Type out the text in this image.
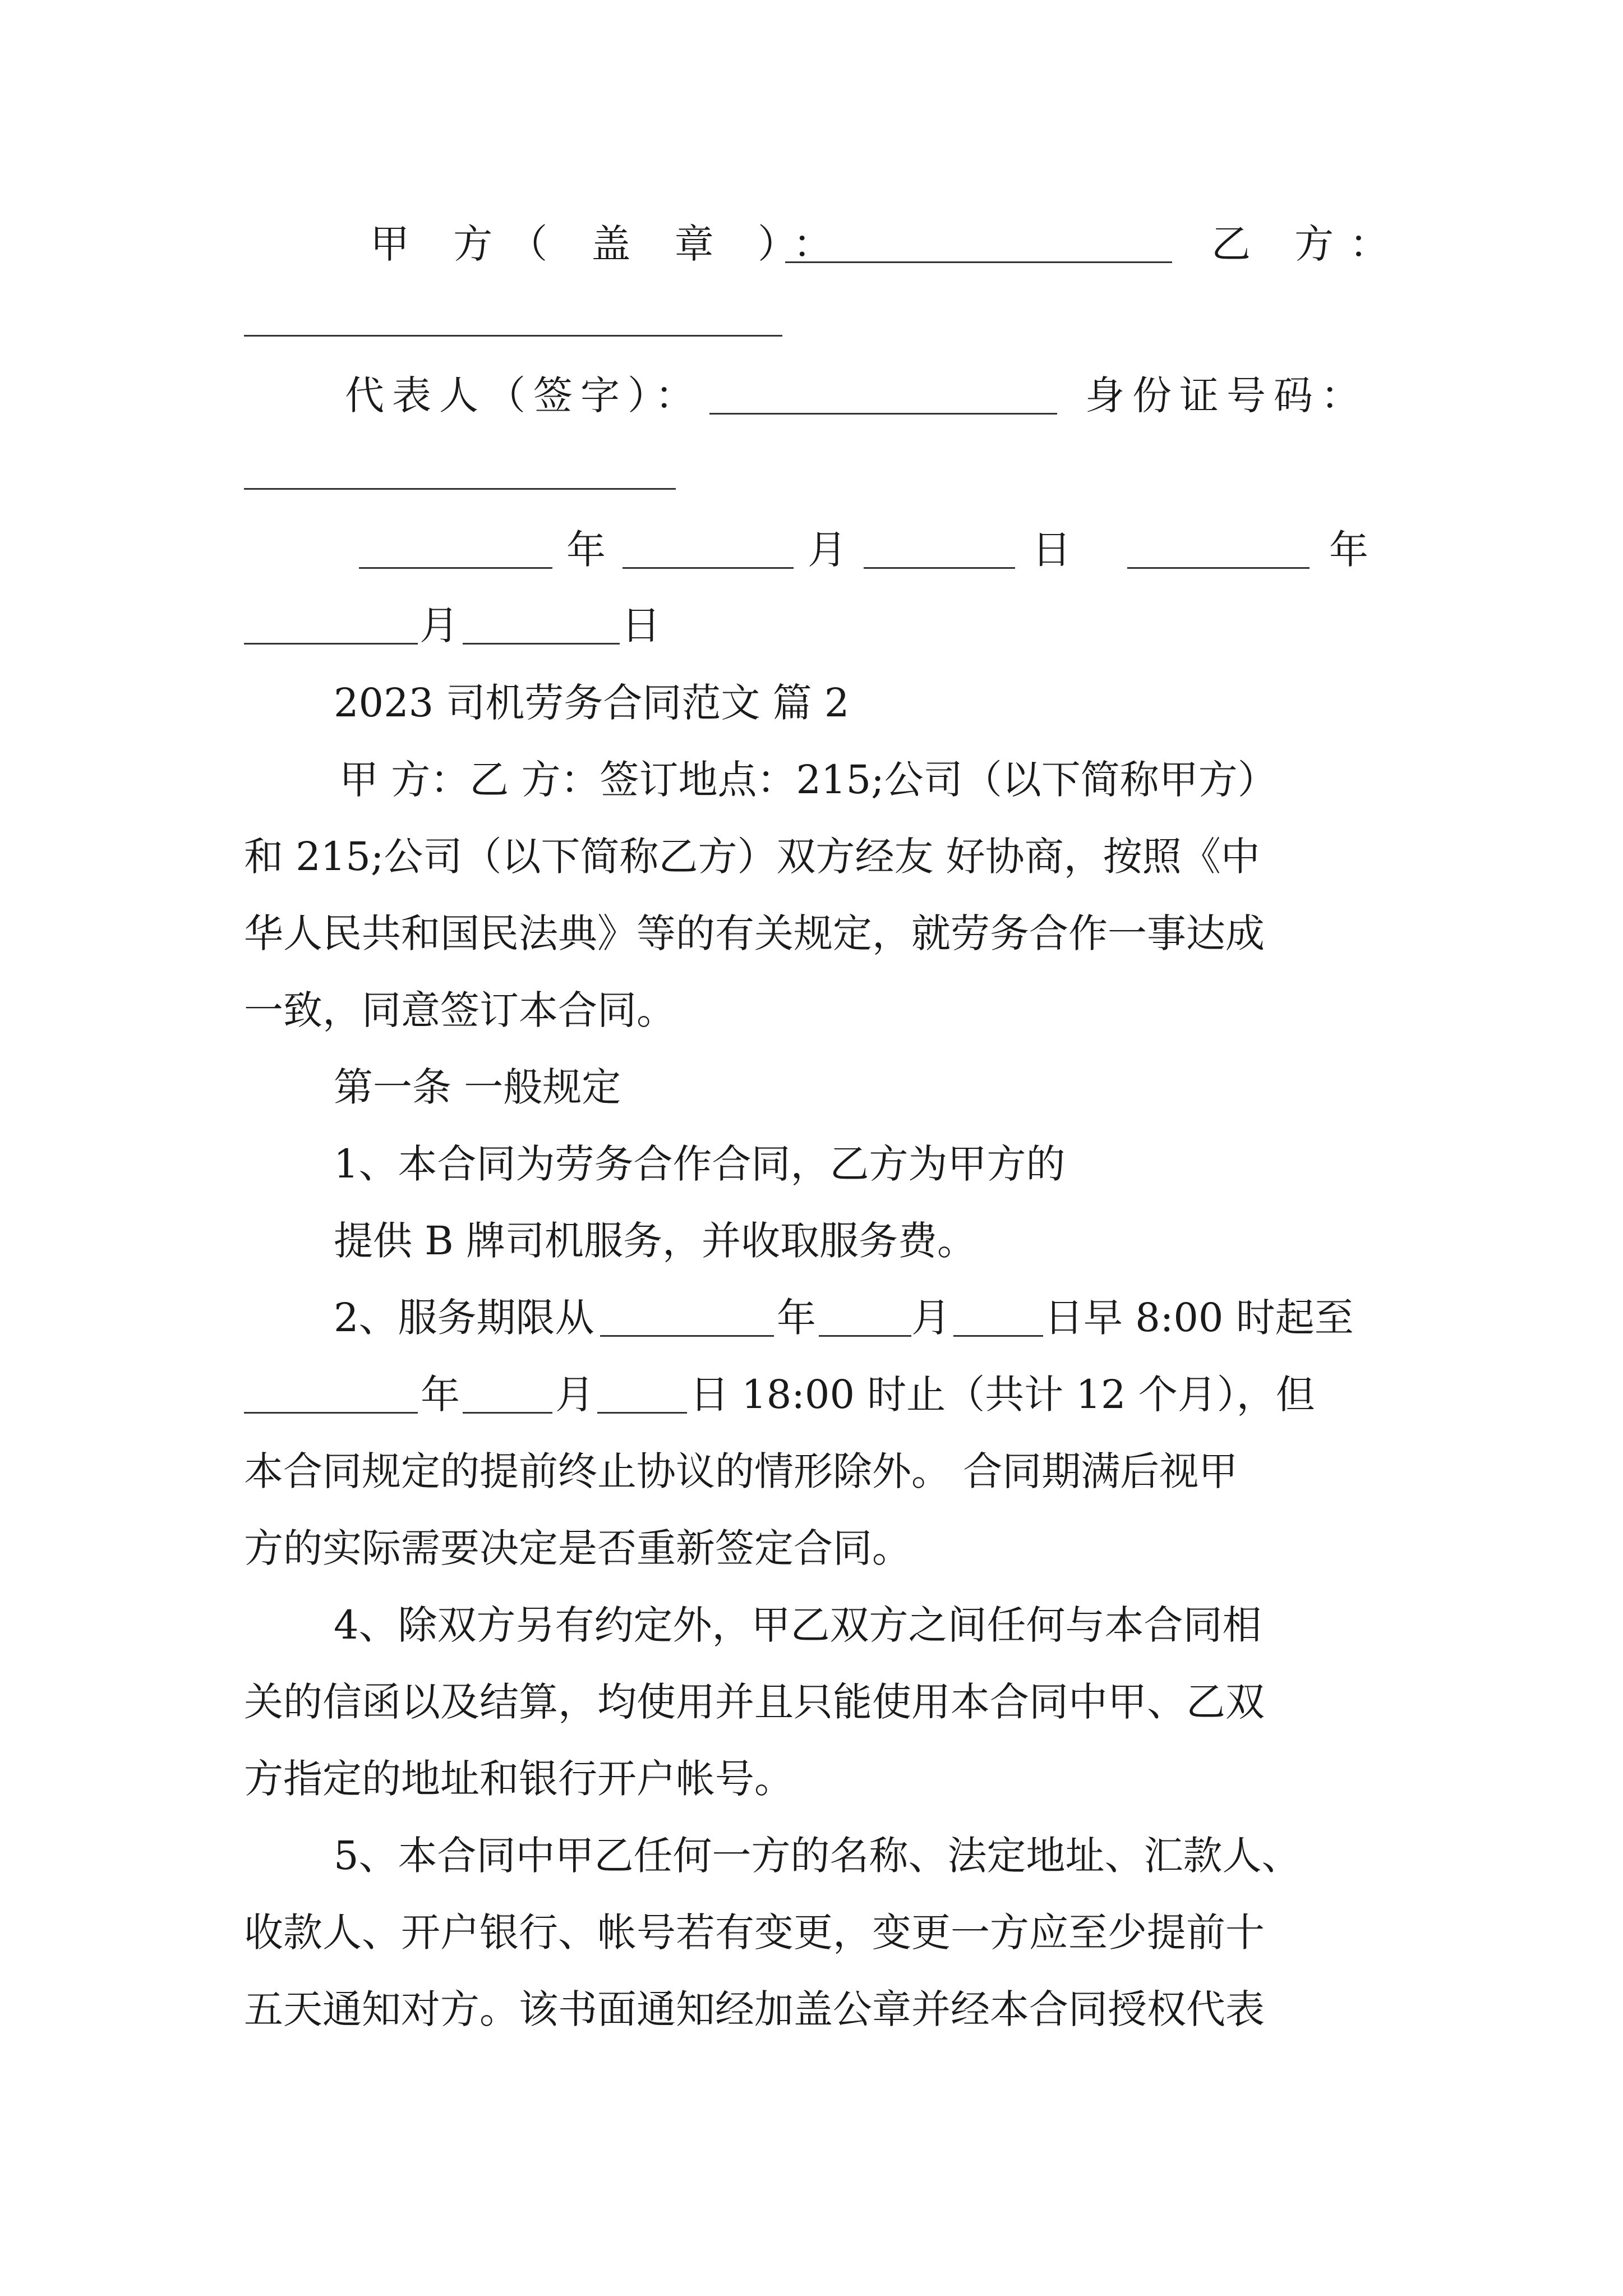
甲 方（ 盖 章 ）：	乙 方：
代表人（签字）：	身份证号码：
年	月	日	年
月	日
2023 司机劳务合同范文 篇 2
甲 方：乙 方：签订地点：215;公司（以下简称甲方）
和 215;公司（以下简称乙方）双方经友 好协商，按照《中
华人民共和国民法典》等的有关规定，就劳务合作一事达成
一致，同意签订本合同。
第一条 一般规定
1、本合同为劳务合作合同，乙方为甲方的
提供 B 牌司机服务，并收取服务费。
2、服务期限从	年 月 日早 8:00 时起至
年 月 日 18:00 时止（共计 12 个月），但
本合同规定的提前终止协议的情形除外。 合同期满后视甲
方的实际需要决定是否重新签定合同。
4、除双方另有约定外，甲乙双方之间任何与本合同相
关的信函以及结算，均使用并且只能使用本合同中甲、乙双
方指定的地址和银行开户帐号。
5、本合同中甲乙任何一方的名称、法定地址、汇款人、
收款人、开户银行、帐号若有变更，变更一方应至少提前十
五天通知对方。该书面通知经加盖公章并经本合同授权代表
